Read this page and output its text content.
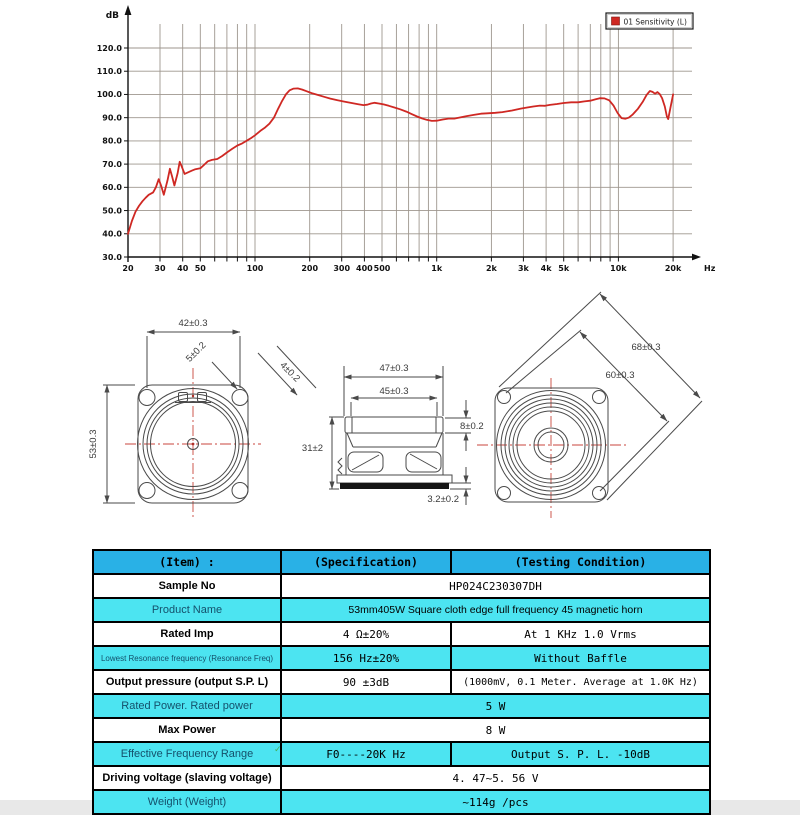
20	30 40 50	100	200 300 400 500	1k	2k	3k 4k 5k	10k	20k
120.0
110.0
100.0
90.0
80.0
70.0
60.0
50.0
40.0
30.0
Hz
dB
01 Sensitivity (L)
42±0.3
53±0.3
5±0.2
4±0.2	47±0.3
45±0.3
8±0.2
3.2±0.2
31±2
68±0.3
60±0.3
(Item) :	(Specification)	(Testing Condition)
Sample No	HP024C230307DH	
Product Name	53mm405W Square cloth edge full frequency 45 magnetic horn	
Rated Imp	4 Ω±20%	At 1 KHz 1.0 Vrms
Lowest Resonance frequency (Resonance Freq)	156 Hz±20%	Without Baffle
Output pressure (output S.P. L)	90 ±3dB	(1000mV, 0.1 Meter. Average at 1.0K Hz)
Rated Power. Rated power	5 W	
Max Power	8 W	
Effective Frequency Range	F0----20K Hz	Output S. P. L. -10dB
Driving voltage (slaving voltage)	4. 47~5. 56 V	
Weight (Weight)	~114g /pcs	
✓
